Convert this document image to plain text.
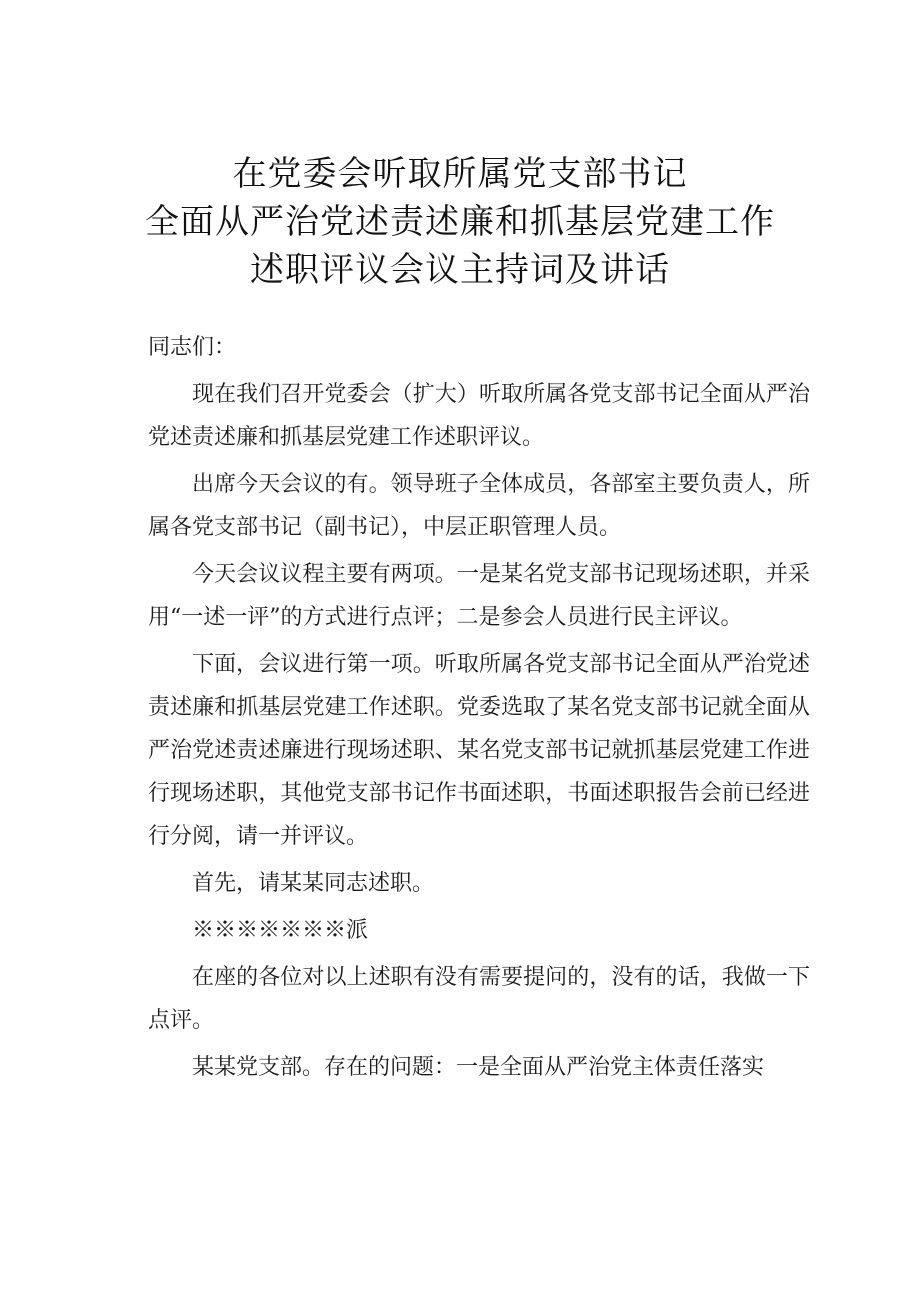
在党委会听取所属党支部书记
全面从严治党述责述廉和抓基层党建工作
述职评议会议主持词及讲话

同志们：

现在我们召开党委会（扩大）听取所属各党支部书记全面从严治党述责述廉和抓基层党建工作述职评议。

出席今天会议的有。领导班子全体成员，各部室主要负责人，所属各党支部书记（副书记），中层正职管理人员。

今天会议议程主要有两项。一是某名党支部书记现场述职，并采用“一述一评”的方式进行点评；二是参会人员进行民主评议。

下面，会议进行第一项。听取所属各党支部书记全面从严治党述责述廉和抓基层党建工作述职。党委选取了某名党支部书记就全面从严治党述责述廉进行现场述职、某名党支部书记就抓基层党建工作进行现场述职，其他党支部书记作书面述职，书面述职报告会前已经进行分阅，请一并评议。

首先，请某某同志述职。

※※※※※※※派

在座的各位对以上述职有没有需要提问的，没有的话，我做一下点评。

某某党支部。存在的问题：一是全面从严治党主体责任落实
